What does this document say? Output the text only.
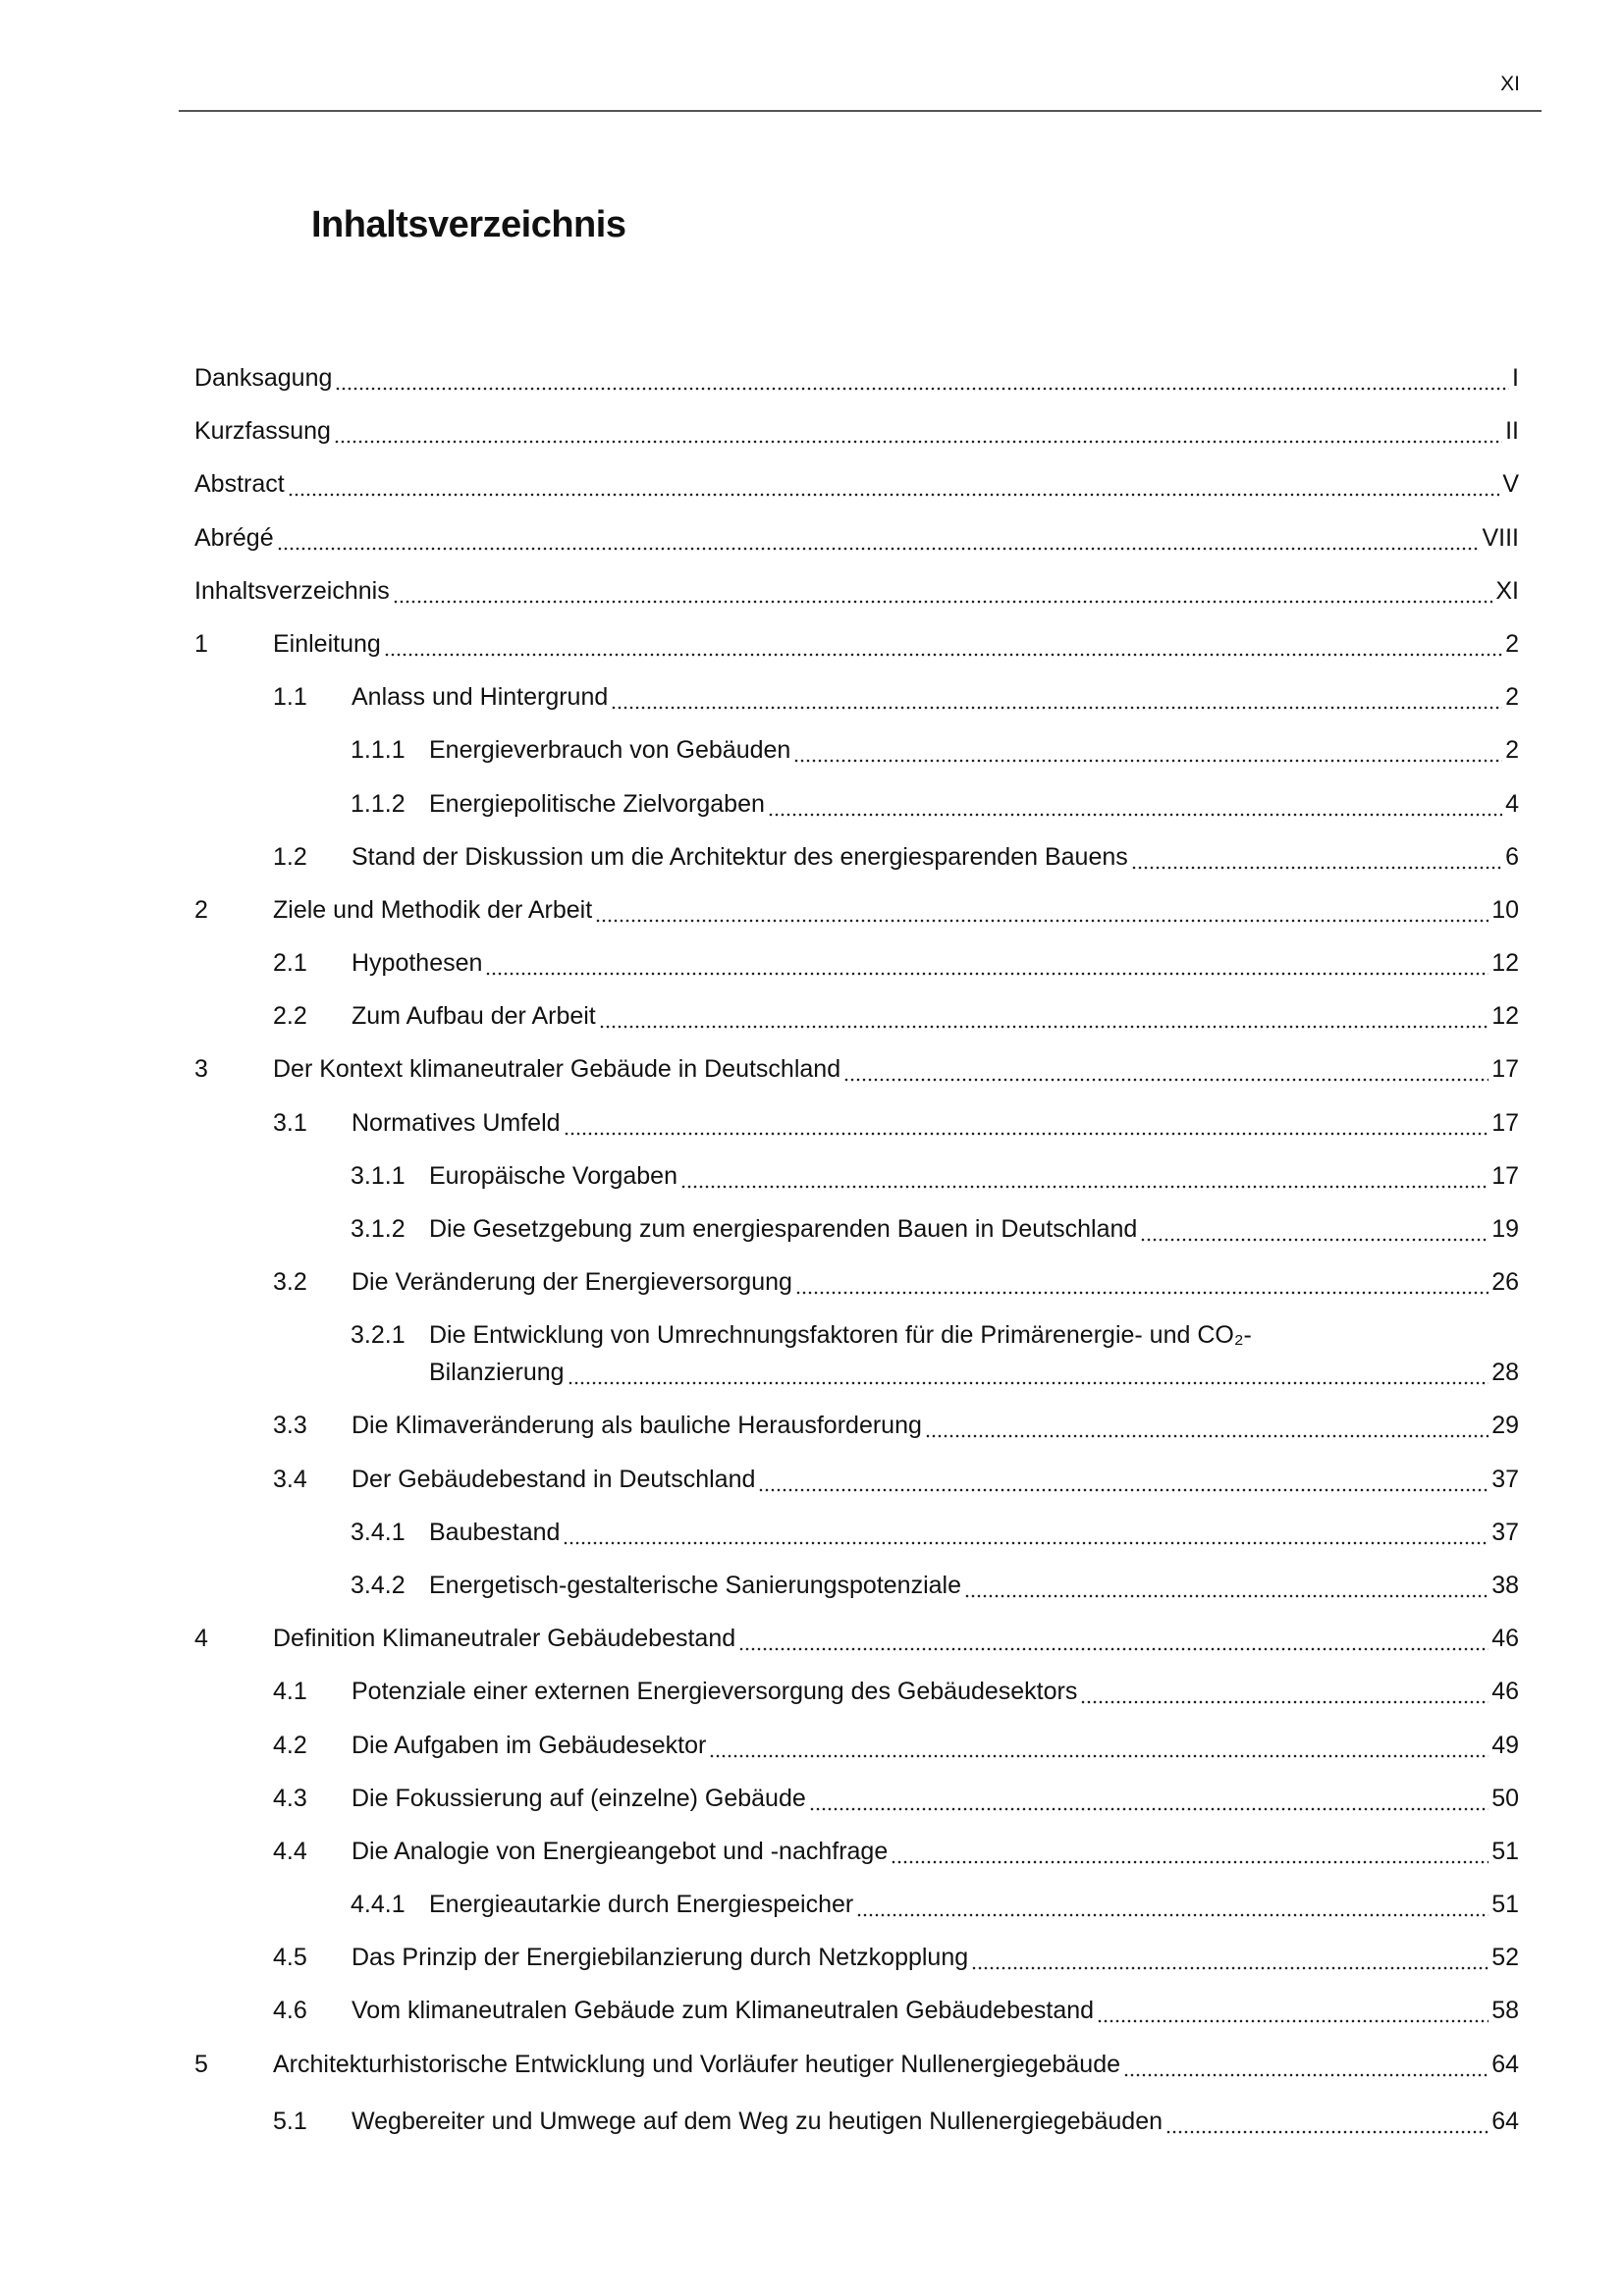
XI
Inhaltsverzeichnis
Danksagung	I
Kurzfassung	II
Abstract	V
Abrégé	VIII
Inhaltsverzeichnis	XI
1	Einleitung	2
1.1	Anlass und Hintergrund	2
1.1.1 Energieverbrauch von Gebäuden	2
1.1.2 Energiepolitische Zielvorgaben	4
1.2	Stand der Diskussion um die Architektur des energiesparenden Bauens	6
2	Ziele und Methodik der Arbeit	10
2.1	Hypothesen	12
2.2	Zum Aufbau der Arbeit	12
3	Der Kontext klimaneutraler Gebäude in Deutschland	17
3.1	Normatives Umfeld	17
3.1.1 Europäische Vorgaben	17
3.1.2 Die Gesetzgebung zum energiesparenden Bauen in Deutschland	19
3.2	Die Veränderung der Energieversorgung	26
3.2.1 Die Entwicklung von Umrechnungsfaktoren für die Primärenergie- und CO₂-
Bilanzierung	28
3.3	Die Klimaveränderung als bauliche Herausforderung	29
3.4	Der Gebäudebestand in Deutschland	37
3.4.1 Baubestand	37
3.4.2 Energetisch-gestalterische Sanierungspotenziale	38
4	Definition Klimaneutraler Gebäudebestand	46
4.1	Potenziale einer externen Energieversorgung des Gebäudesektors	46
4.2	Die Aufgaben im Gebäudesektor	49
4.3	Die Fokussierung auf (einzelne) Gebäude	50
4.4	Die Analogie von Energieangebot und -nachfrage	51
4.4.1 Energieautarkie durch Energiespeicher	51
4.5	Das Prinzip der Energiebilanzierung durch Netzkopplung	52
4.6	Vom klimaneutralen Gebäude zum Klimaneutralen Gebäudebestand	58
5	Architekturhistorische Entwicklung und Vorläufer heutiger Nullenergiegebäude	64
5.1	Wegbereiter und Umwege auf dem Weg zu heutigen Nullenergiegebäuden	64
